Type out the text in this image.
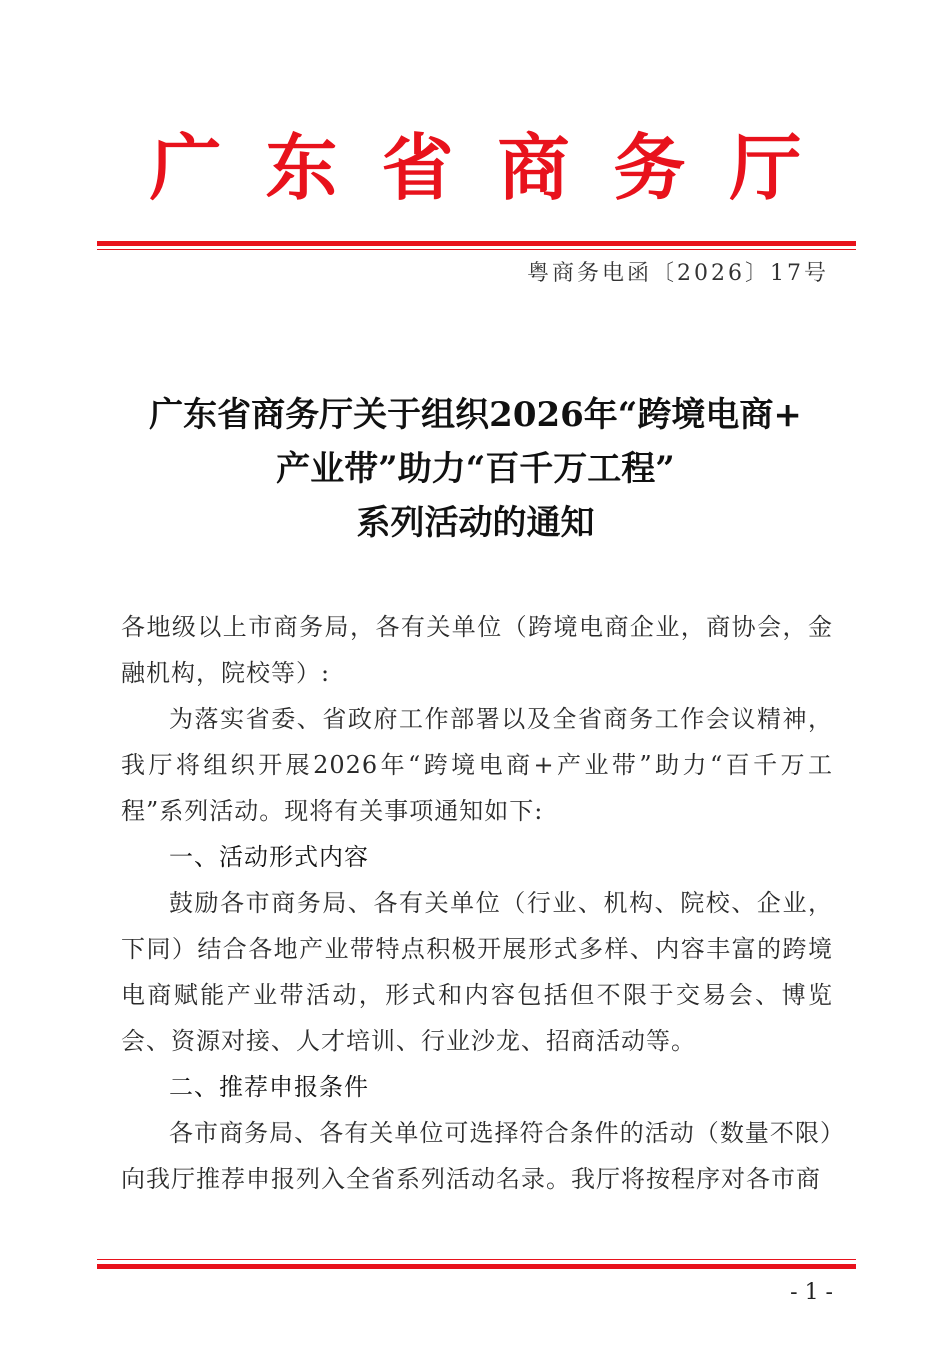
广东省商务厅
粤商务电函〔2026〕17号
广东省商务厅关于组织2026年“跨境电商+
产业带”助力“百千万工程”
系列活动的通知

各地级以上市商务局，各有关单位（跨境电商企业，商协会，金融机构，院校等）:

为落实省委、省政府工作部署以及全省商务工作会议精神，我厅将组织开展2026年“跨境电商+产业带”助力“百千万工程”系列活动。现将有关事项通知如下:

一、活动形式内容

鼓励各市商务局、各有关单位（行业、机构、院校、企业，下同）结合各地产业带特点积极开展形式多样、内容丰富的跨境电商赋能产业带活动，形式和内容包括但不限于交易会、博览会、资源对接、人才培训、行业沙龙、招商活动等。

二、推荐申报条件

各市商务局、各有关单位可选择符合条件的活动（数量不限）向我厅推荐申报列入全省系列活动名录。我厅将按程序对各市商

- 1 -
